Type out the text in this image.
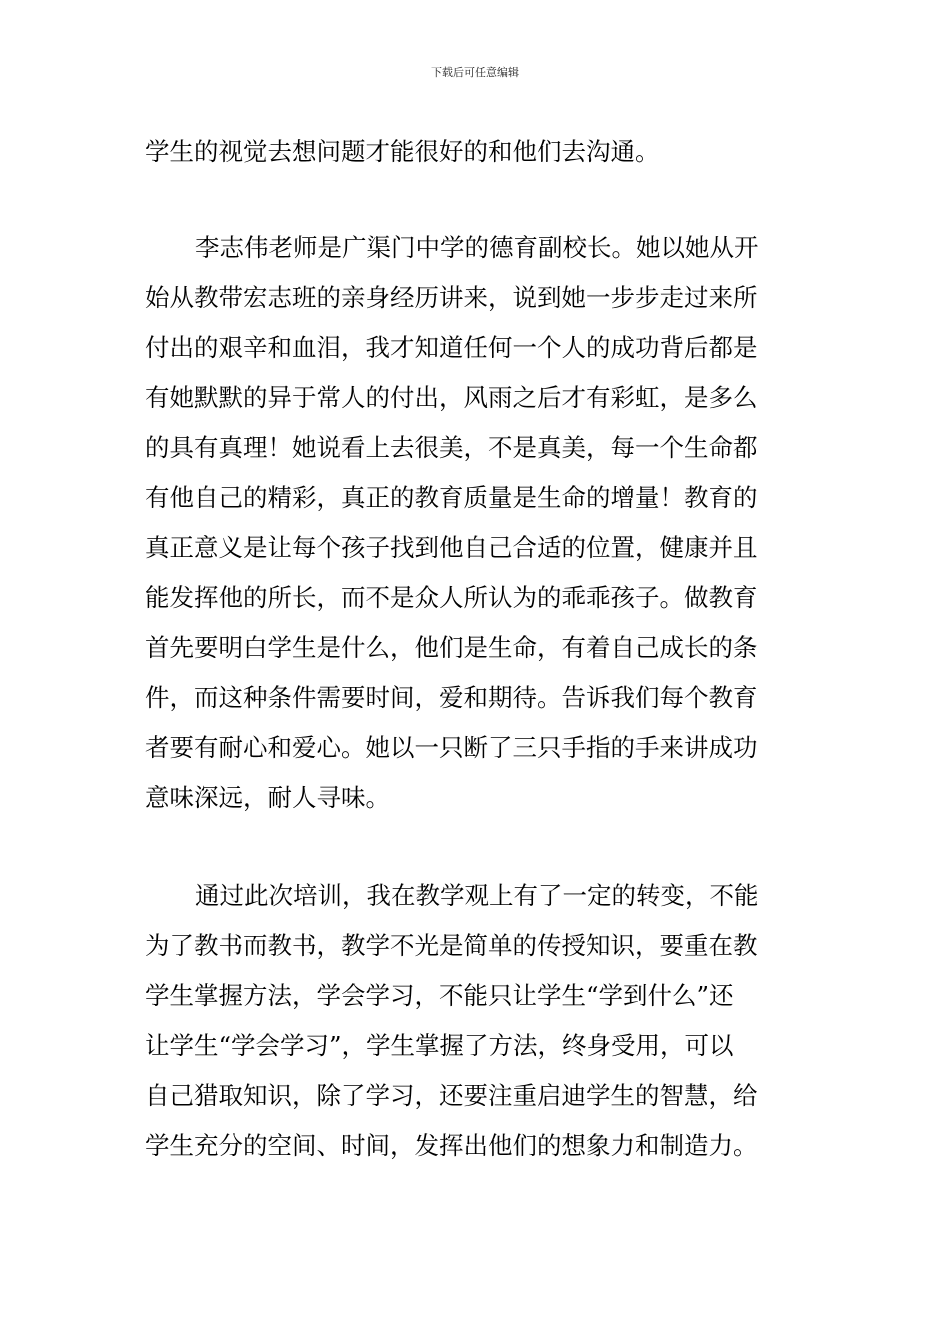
下载后可任意编辑
学生的视觉去想问题才能很好的和他们去沟通。
李志伟老师是广渠门中学的德育副校长。她以她从开
始从教带宏志班的亲身经历讲来，说到她一步步走过来所
付出的艰辛和血泪，我才知道任何一个人的成功背后都是
有她默默的异于常人的付出，风雨之后才有彩虹，是多么
的具有真理！她说看上去很美，不是真美，每一个生命都
有他自己的精彩，真正的教育质量是生命的增量！教育的
真正意义是让每个孩子找到他自己合适的位置，健康并且
能发挥他的所长，而不是众人所认为的乖乖孩子。做教育
首先要明白学生是什么，他们是生命，有着自己成长的条
件，而这种条件需要时间，爱和期待。告诉我们每个教育
者要有耐心和爱心。她以一只断了三只手指的手来讲成功
意味深远，耐人寻味。
通过此次培训，我在教学观上有了一定的转变，不能
为了教书而教书，教学不光是简单的传授知识，要重在教
学生掌握方法，学会学习，不能只让学生“学到什么”还
让学生“学会学习”，学生掌握了方法，终身受用，可以
自己猎取知识，除了学习，还要注重启迪学生的智慧，给
学生充分的空间、时间，发挥出他们的想象力和制造力。
